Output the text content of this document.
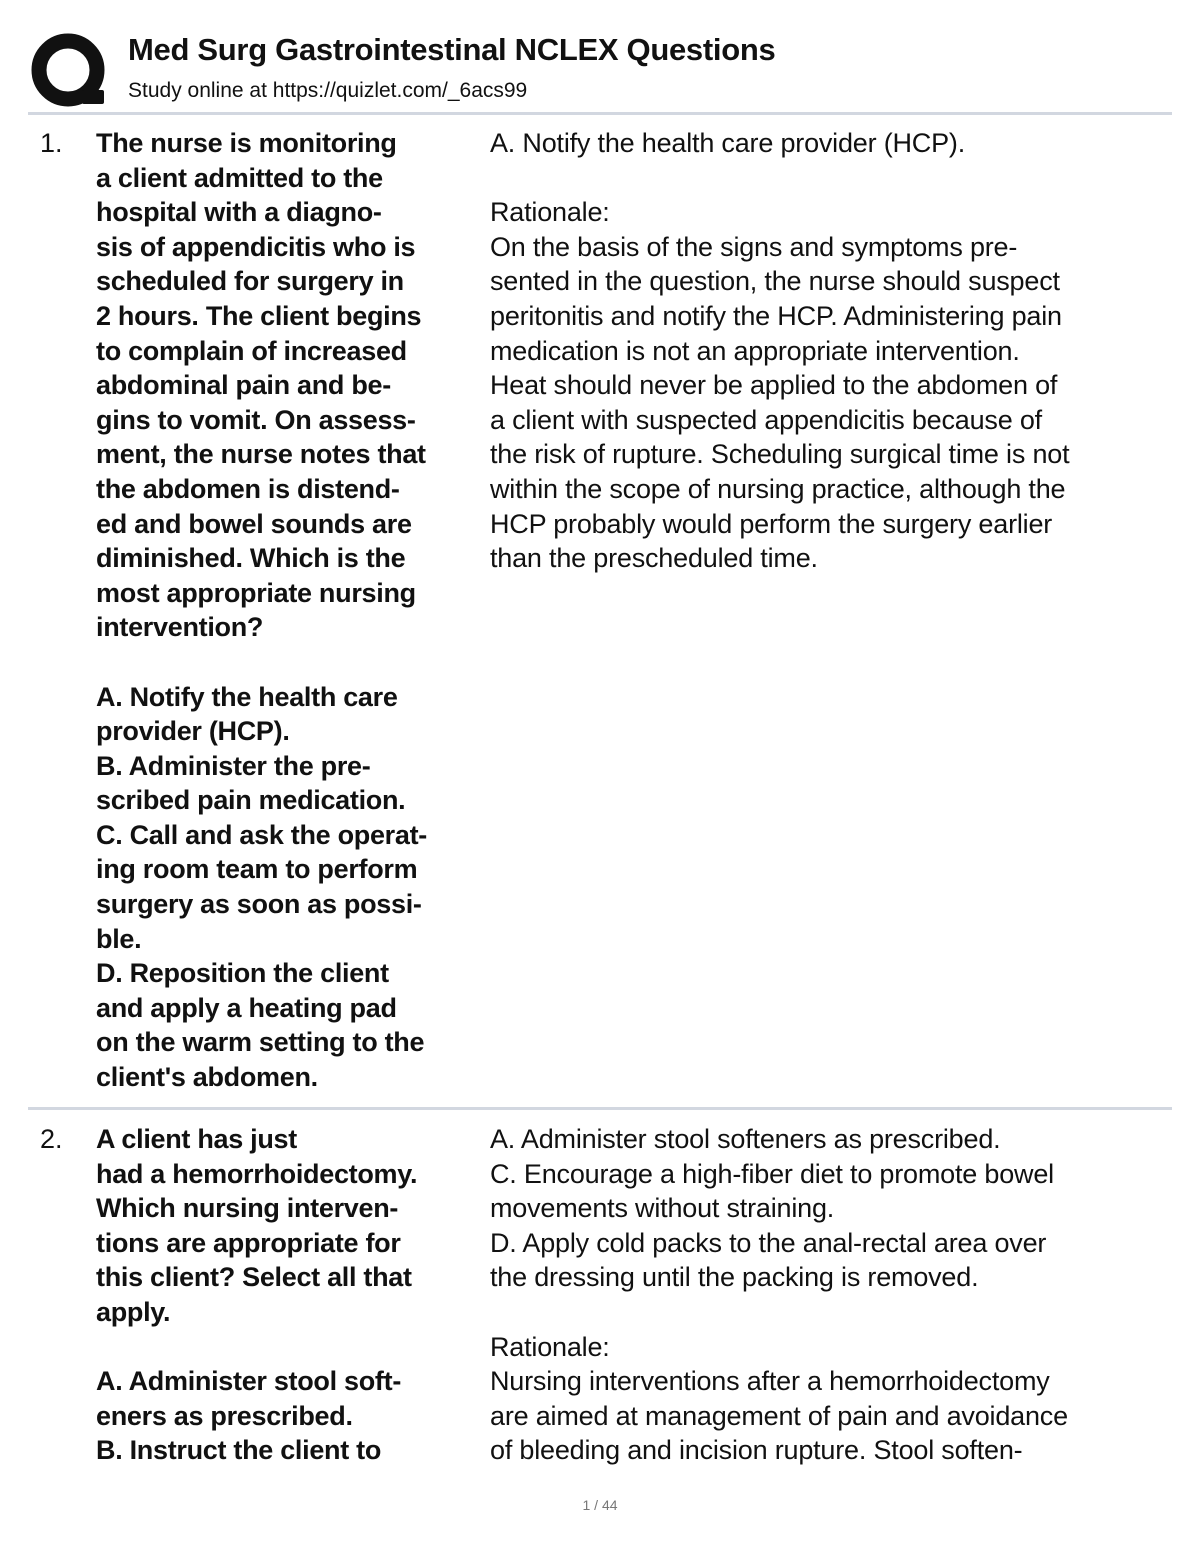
Med Surg Gastrointestinal NCLEX Questions
Study online at https://quizlet.com/_6acs99
1. The nurse is monitoring
a client admitted to the
hospital with a diagno-
sis of appendicitis who is
scheduled for surgery in
2 hours. The client begins
to complain of increased
abdominal pain and be-
gins to vomit. On assess-
ment, the nurse notes that
the abdomen is distend-
ed and bowel sounds are
diminished. Which is the
most appropriate nursing
intervention?

A. Notify the health care
provider (HCP).
B. Administer the pre-
scribed pain medication.
C. Call and ask the operat-
ing room team to perform
surgery as soon as possi-
ble.
D. Reposition the client
and apply a heating pad
on the warm setting to the
client's abdomen.
A. Notify the health care provider (HCP).

Rationale:
On the basis of the signs and symptoms pre-
sented in the question, the nurse should suspect
peritonitis and notify the HCP. Administering pain
medication is not an appropriate intervention.
Heat should never be applied to the abdomen of
a client with suspected appendicitis because of
the risk of rupture. Scheduling surgical time is not
within the scope of nursing practice, although the
HCP probably would perform the surgery earlier
than the prescheduled time.
2. A client has just
had a hemorrhoidectomy.
Which nursing interven-
tions are appropriate for
this client? Select all that
apply.

A. Administer stool soft-
eners as prescribed.
B. Instruct the client to
A. Administer stool softeners as prescribed.
C. Encourage a high-fiber diet to promote bowel
movements without straining.
D. Apply cold packs to the anal-rectal area over
the dressing until the packing is removed.

Rationale:
Nursing interventions after a hemorrhoidectomy
are aimed at management of pain and avoidance
of bleeding and incision rupture. Stool soften-
1 / 44
